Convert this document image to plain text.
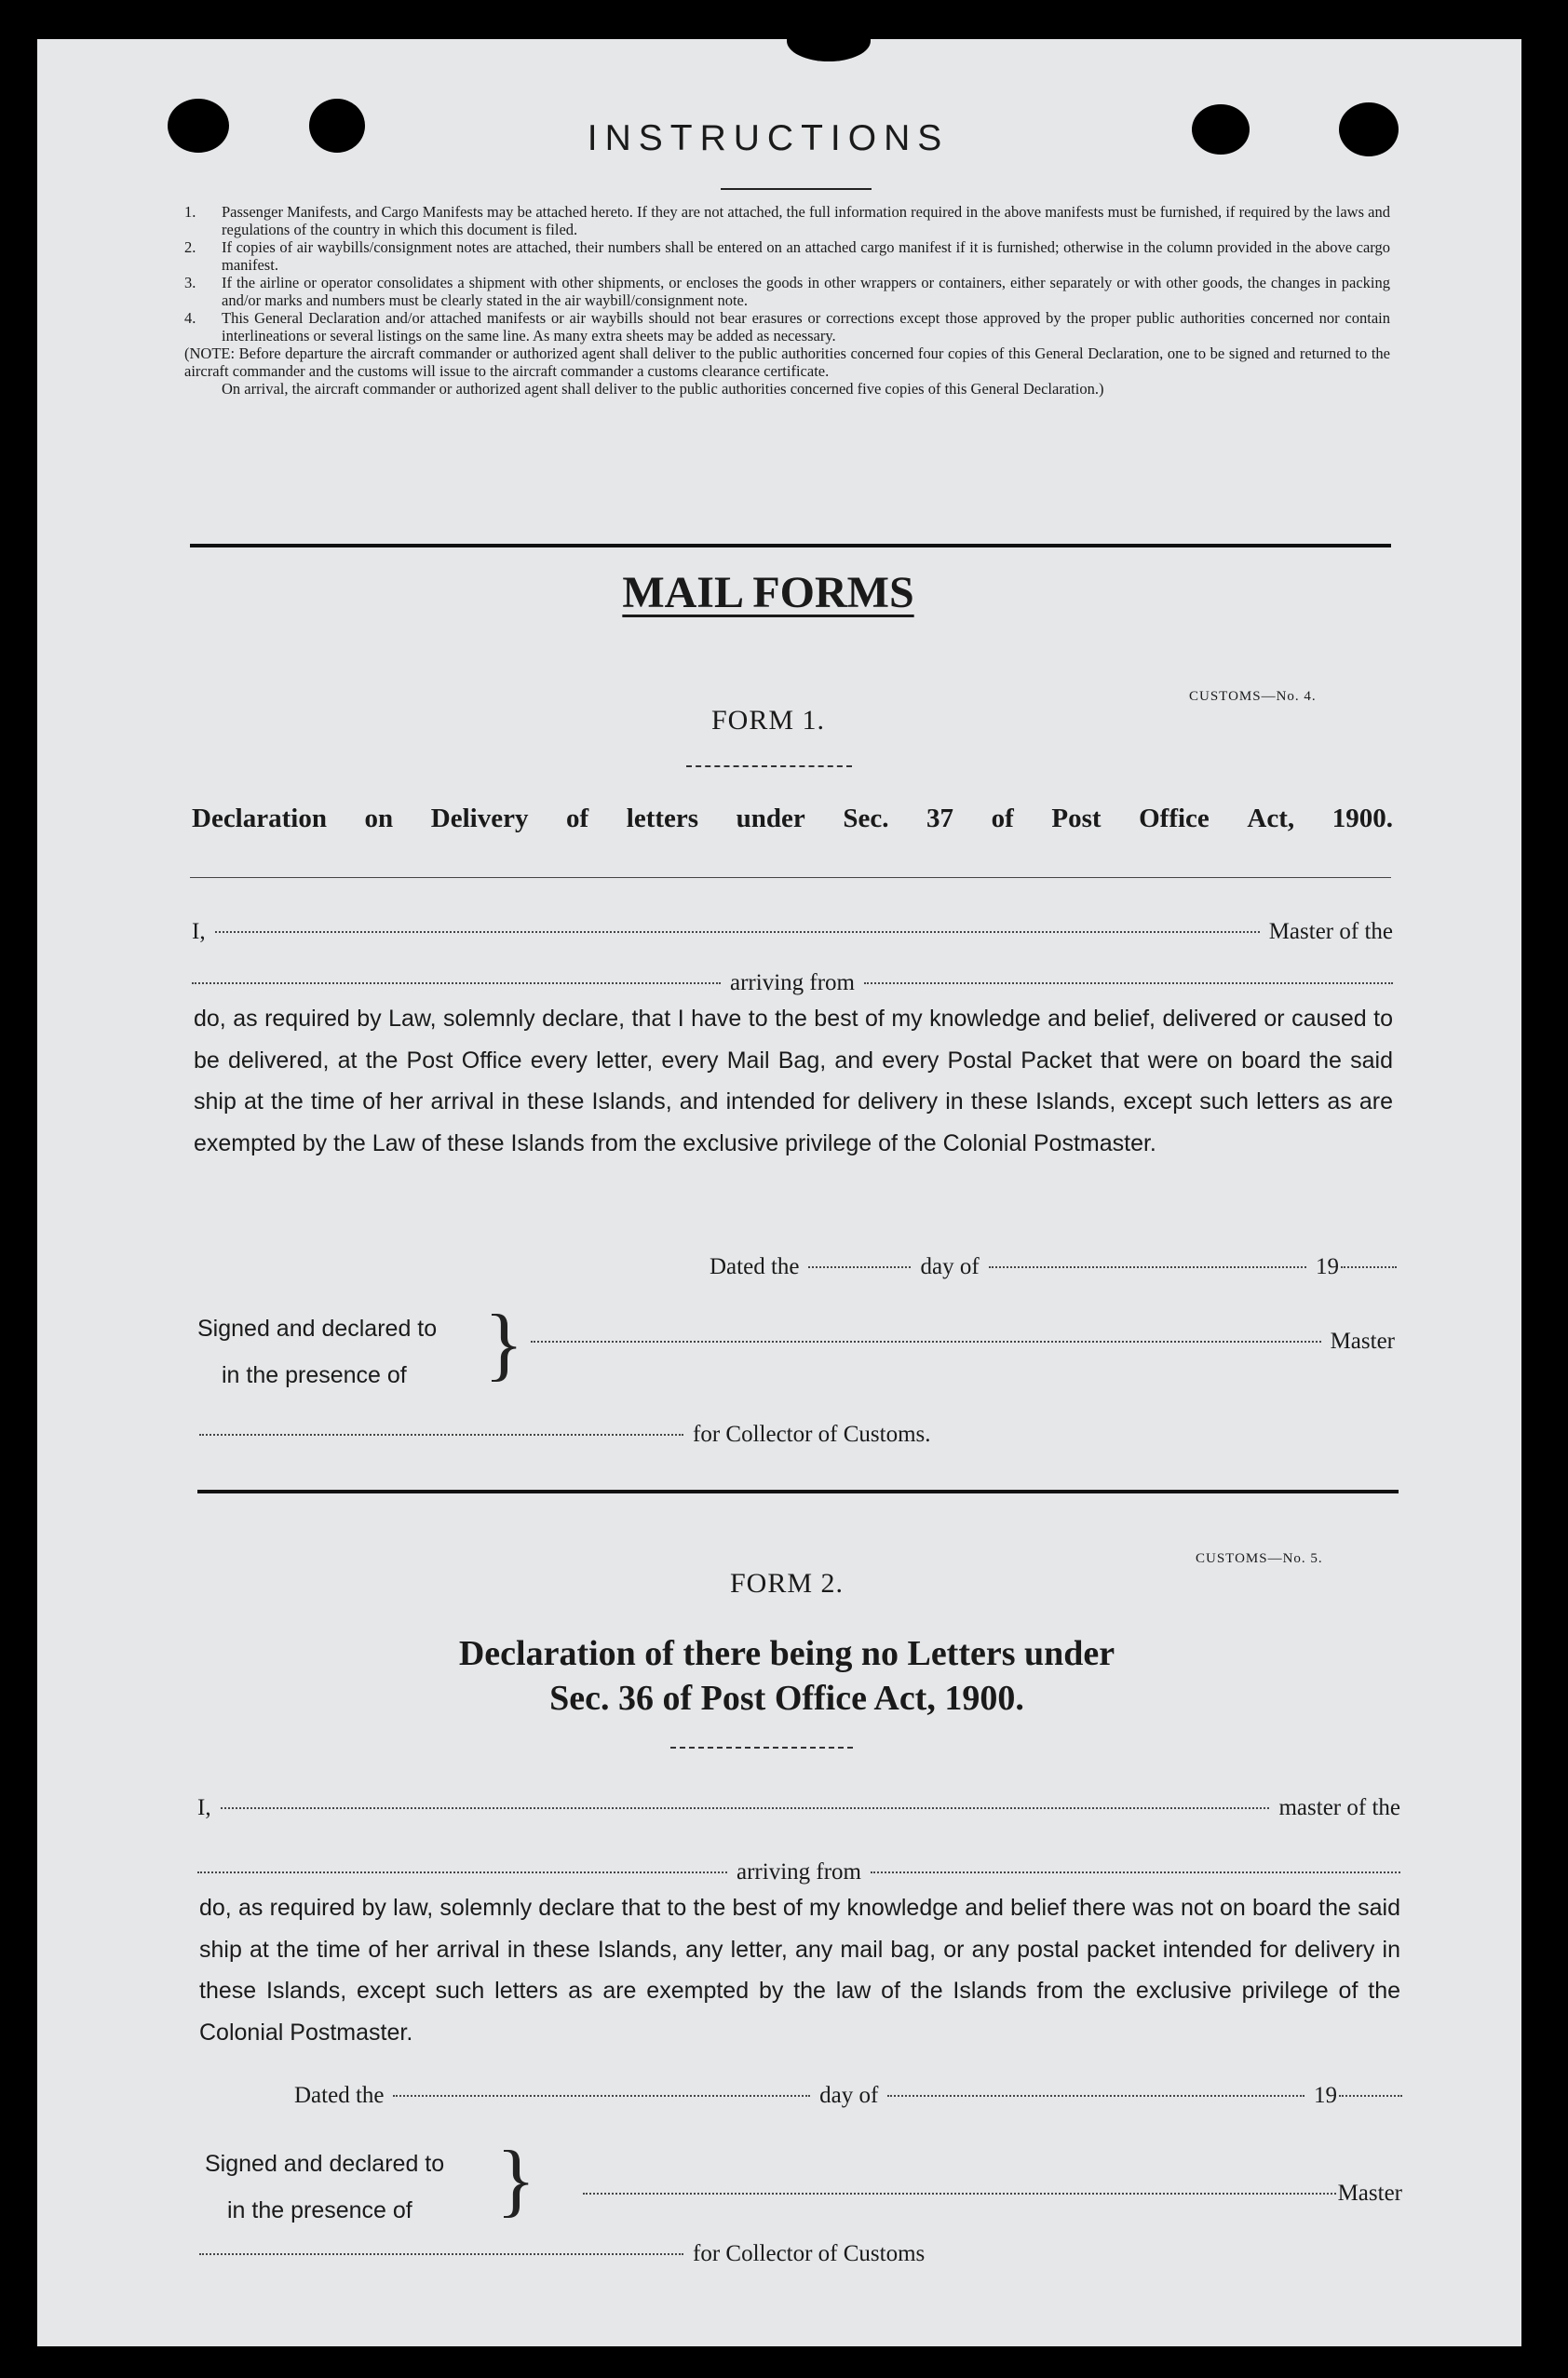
INSTRUCTIONS
1.	Passenger Manifests, and Cargo Manifests may be attached hereto. If they are not attached, the full information required in the above manifests must be furnished, if required by the laws and regulations of the country in which this document is filed.
2.	If copies of air waybills/consignment notes are attached, their numbers shall be entered on an attached cargo manifest if it is furnished; otherwise in the column provided in the above cargo manifest.
3.	If the airline or operator consolidates a shipment with other shipments, or encloses the goods in other wrappers or containers, either separately or with other goods, the changes in packing and/or marks and numbers must be clearly stated in the air waybill/consignment note.
4.	This General Declaration and/or attached manifests or air waybills should not bear erasures or corrections except those approved by the proper public authorities concerned nor contain interlineations or several listings on the same line. As many extra sheets may be added as necessary.

(NOTE: Before departure the aircraft commander or authorized agent shall deliver to the public authorities concerned four copies of this General Declaration, one to be signed and returned to the aircraft commander and the customs will issue to the aircraft commander a customs clearance certificate.

On arrival, the aircraft commander or authorized agent shall deliver to the public authorities concerned five copies of this General Declaration.)

MAIL FORMS
CUSTOMS—No. 4.
FORM 1.
Declaration on Delivery of letters under Sec. 37 of Post Office Act, 1900.
I,	Master of the
arriving from
do, as required by Law, solemnly declare, that I have to the best of my knowledge and belief, delivered or caused to be delivered, at the Post Office every letter, every Mail Bag, and every Postal Packet that were on board the said ship at the time of her arrival in these Islands, and intended for delivery in these Islands, except such letters as are exempted by the Law of these Islands from the exclusive privilege of the Colonial Postmaster.
Dated the	day of	19
Signed and declared to
in the presence of }	Master
for Collector of Customs.
CUSTOMS—No. 5.
FORM 2.
Declaration of there being no Letters under
Sec. 36 of Post Office Act, 1900.
I,	master of the
arriving from
do, as required by law, solemnly declare that to the best of my knowledge and belief there was not on board the said ship at the time of her arrival in these Islands, any letter, any mail bag, or any postal packet intended for delivery in these Islands, except such letters as are exempted by the law of the Islands from the exclusive privilege of the Colonial Postmaster.
Dated the	day of	19
Signed and declared to
in the presence of	}	Master
for Collector of Customs
